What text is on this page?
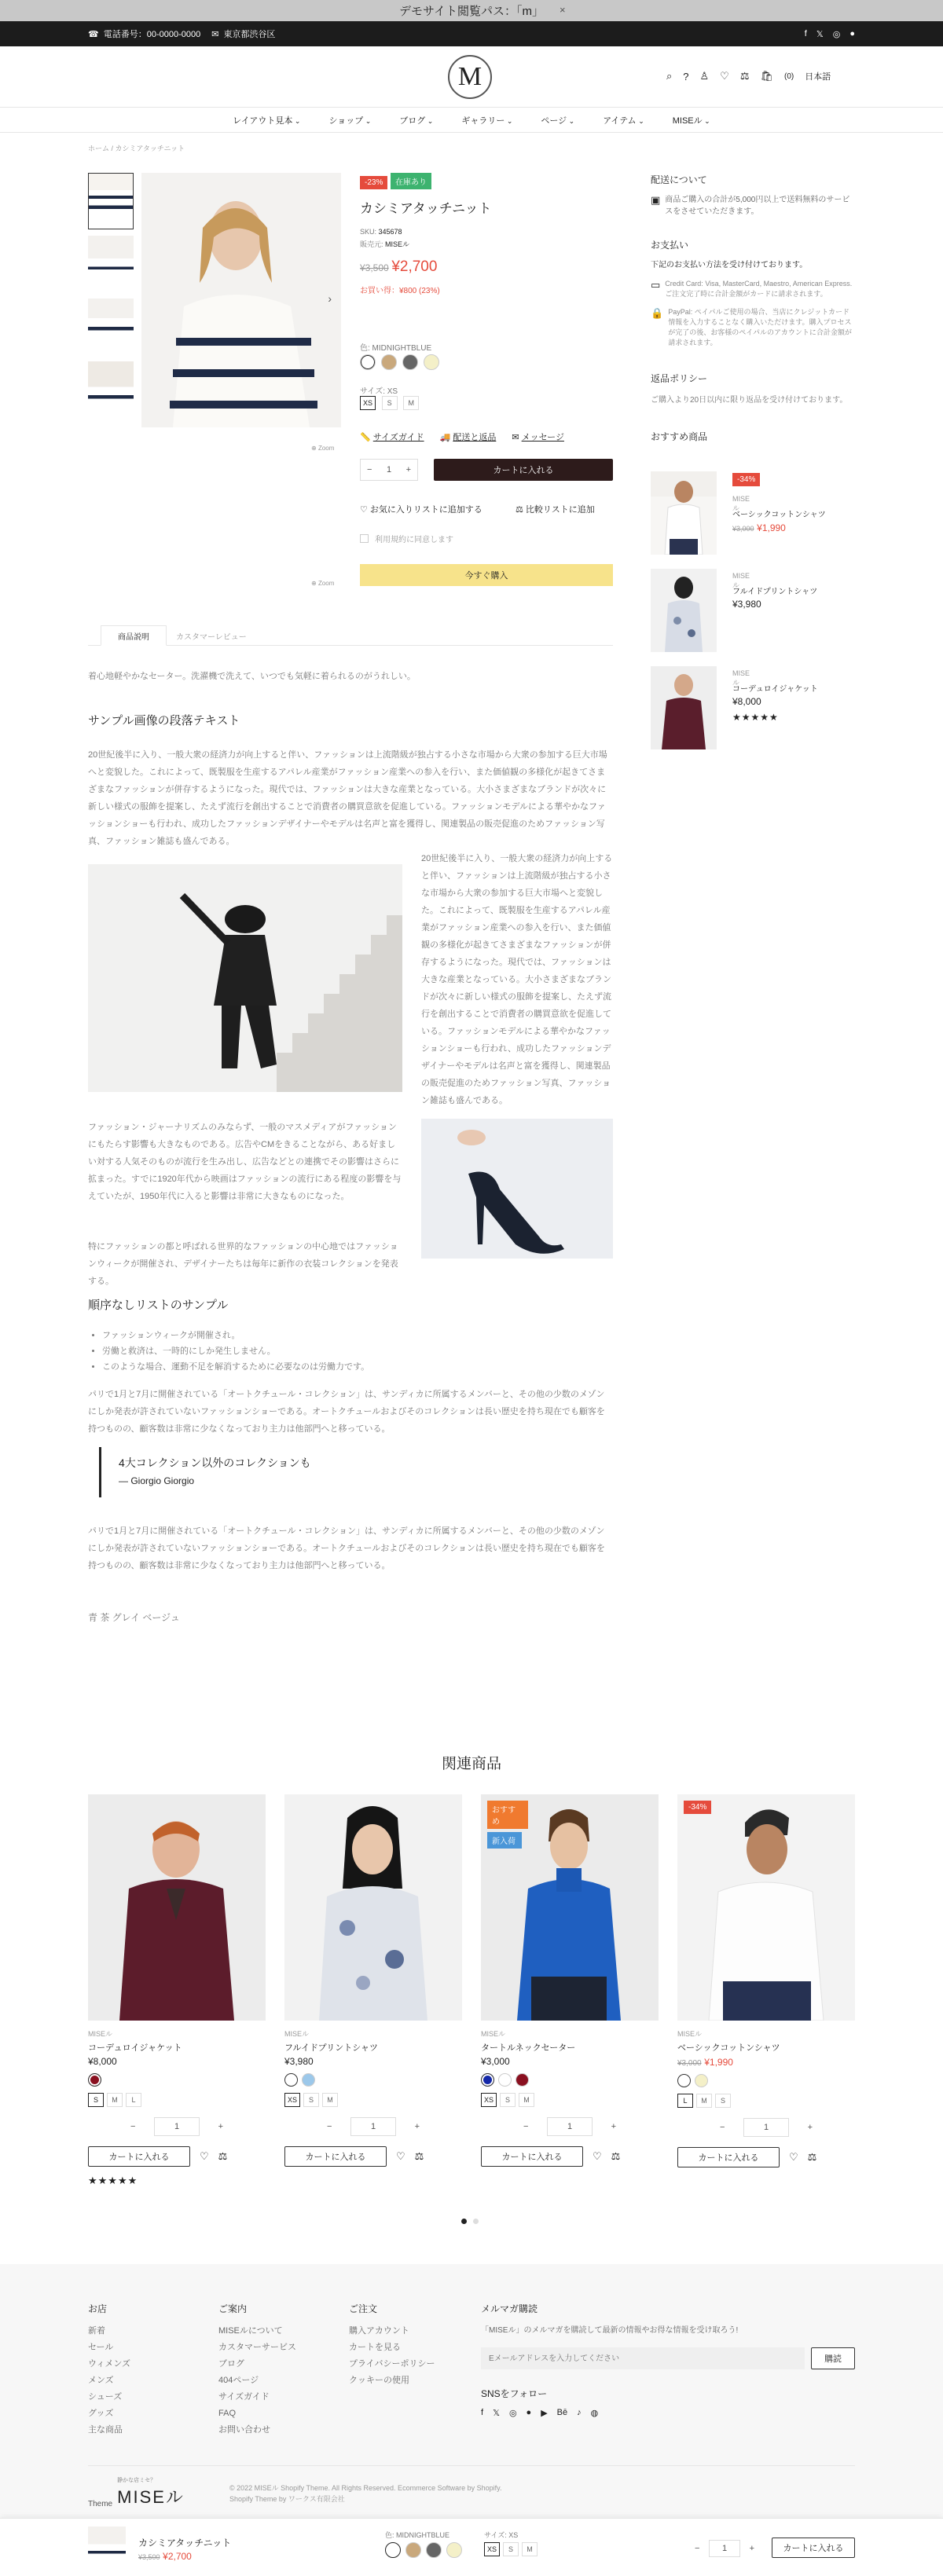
デモサイト閲覧パス：「m」 ×
☎ 電話番号：00-0000-0000 ✉ 東京都渋谷区	f 𝕏 ◎ ●
M	⌕ ? ♙ ♡ ⚖ 🛍 (0) 日本語
レイアウト見本 ⌄	ショップ ⌄	ブログ ⌄	ギャラリー ⌄	ページ ⌄	アイテム ⌄	MISEル ⌄
ホーム / カシミアタッチニット
›
⊕ Zoom
⊕ Zoom
-23% 在庫あり
カシミアタッチニット
SKU: 345678
販売元: MISEル
¥3,500 ¥2,700
お買い得：¥800 (23%)
色: MIDNIGHTBLUE
サイズ: XS
XS S M
📏 サイズガイド 🚚 配送と返品 ✉ メッセージ
− 1 +	カートに入れる
♡ お気に入りリストに追加する	⚖ 比較リストに追加
利用規約に同意します
今すぐ購入
商品説明	カスタマーレビュー
着心地軽やかなセーター。洗濯機で洗えて、いつでも気軽に着られるのがうれしい。
サンプル画像の段落テキスト
20世紀後半に入り、一般大衆の経済力が向上すると伴い、ファッションは上流階級が独占する小さな市場から大衆の参加する巨大市場へと変貌した。これによって、既製服を生産するアパレル産業がファッション産業への参入を行い、また価値観の多様化が起きてさまざまなファッションが併存するようになった。現代では、ファッションは大きな産業となっている。大小さまざまなブランドが次々に新しい様式の服飾を提案し、たえず流行を創出することで消費者の購買意欲を促進している。ファッションモデルによる華やかなファッションショーも行われ、成功したファッションデザイナーやモデルは名声と富を獲得し、関連製品の販売促進のためファッション写真、ファッション雑誌も盛んである。
20世紀後半に入り、一般大衆の経済力が向上すると伴い、ファッションは上流階級が独占する小さな市場から大衆の参加する巨大市場へと変貌した。これによって、既製服を生産するアパレル産業がファッション産業への参入を行い、また価値観の多様化が起きてさまざまなファッションが併存するようになった。現代では、ファッションは大きな産業となっている。大小さまざまなブランドが次々に新しい様式の服飾を提案し、たえず流行を創出することで消費者の購買意欲を促進している。ファッションモデルによる華やかなファッションショーも行われ、成功したファッションデザイナーやモデルは名声と富を獲得し、関連製品の販売促進のためファッション写真、ファッション雑誌も盛んである。
ファッション・ジャーナリズムのみならず、一般のマスメディアがファッションにもたらす影響も大きなものである。広告やCMをきることながら、ある好ましい対する人気そのものが流行を生み出し、広告などとの連携でその影響はさらに拡まった。すでに1920年代から映画はファッションの流行にある程度の影響を与えていたが、1950年代に入ると影響は非常に大きなものになった。
特にファッションの都と呼ばれる世界的なファッションの中心地ではファッションウィークが開催され、デザイナーたちは毎年に新作の衣装コレクションを発表する。
順序なしリストのサンプル
• ファッションウィークが開催され。
• 労働と救済は、一時的にしか発生しません。
• このような場合、運動不足を解消するために必要なのは労働力です。
パリで1月と7月に開催されている「オートクチュール・コレクション」は、サンディカに所属するメンバーと、その他の少数のメゾンにしか発表が許されていないファッションショーである。オートクチュールおよびそのコレクションは長い歴史を持ち現在でも顧客を持つものの、顧客数は非常に少なくなっており主力は他部門へと移っている。
4大コレクション以外のコレクションも
— Giorgio Giorgio
パリで1月と7月に開催されている「オートクチュール・コレクション」は、サンディカに所属するメンバーと、その他の少数のメゾンにしか発表が許されていないファッションショーである。オートクチュールおよびそのコレクションは長い歴史を持ち現在でも顧客を持つものの、顧客数は非常に少なくなっており主力は他部門へと移っている。
青 茶 グレイ ベージュ
配送について
▣ 商品ご購入の合計が5,000円以上で送料無料のサービスをさせていただきます。
お支払い
下記のお支払い方法を受け付けております。
▭ Credit Card: Visa, MasterCard, Maestro, American Express. ご注文完了時に合計金額がカードに請求されます。
🔒 PayPal: ペイパルご使用の場合、当店にクレジットカード情報を入力することなく購入いただけます。購入プロセスが完了の後、お客様のペイパルのアカウントに合計金額が請求されます。
返品ポリシー
ご購入より20日以内に限り返品を受け付けております。
おすすめ商品
-34%
MISEル
ベーシックコットンシャツ
¥3,000 ¥1,990
MISEル
フルイドプリントシャツ
¥3,980
MISEル
コーデュロイジャケット
¥8,000
★★★★★
関連商品
MISEル
コーデュロイジャケット
¥8,000
S M L
−	1	+
カートに入れる	♡ ⚖
★★★★★
MISEル
フルイドプリントシャツ
¥3,980
XS S M
−	1	+
カートに入れる	♡ ⚖
おすすめ
新入荷
MISEル
タートルネックセーター
¥3,000
XS S M
−	1	+
カートに入れる	♡ ⚖
-34%
MISEル
ベーシックコットンシャツ
¥3,000 ¥1,990
L M S
−	1	+
カートに入れる	♡ ⚖
お店
新着
セール
ウィメンズ
メンズ
シューズ
グッズ
主な商品
ご案内
MISEルについて
カスタマーサービス
ブログ
404ページ
サイズガイド
FAQ
お問い合わせ
ご注文
購入アカウント
カートを見る
プライバシーポリシー
クッキーの使用
メルマガ購読
「MISEル」のメルマガを購読して最新の情報やお得な情報を受け取ろう!
Eメールアドレスを入力してください
購読
SNSをフォロー
f 𝕏 ◎ ● ▶ Bē ♪ ◍
Theme
静かな店ミセ？
MISEル	© 2022 MISEル Shopify Theme. All Rights Reserved. Ecommerce Software by Shopify.
Shopify Theme by ワークス有限会社
カシミアタッチニット
¥3,500 ¥2,700
色: MIDNIGHTBLUE	サイズ: XS
XS S M	−	1	+	カートに入れる
